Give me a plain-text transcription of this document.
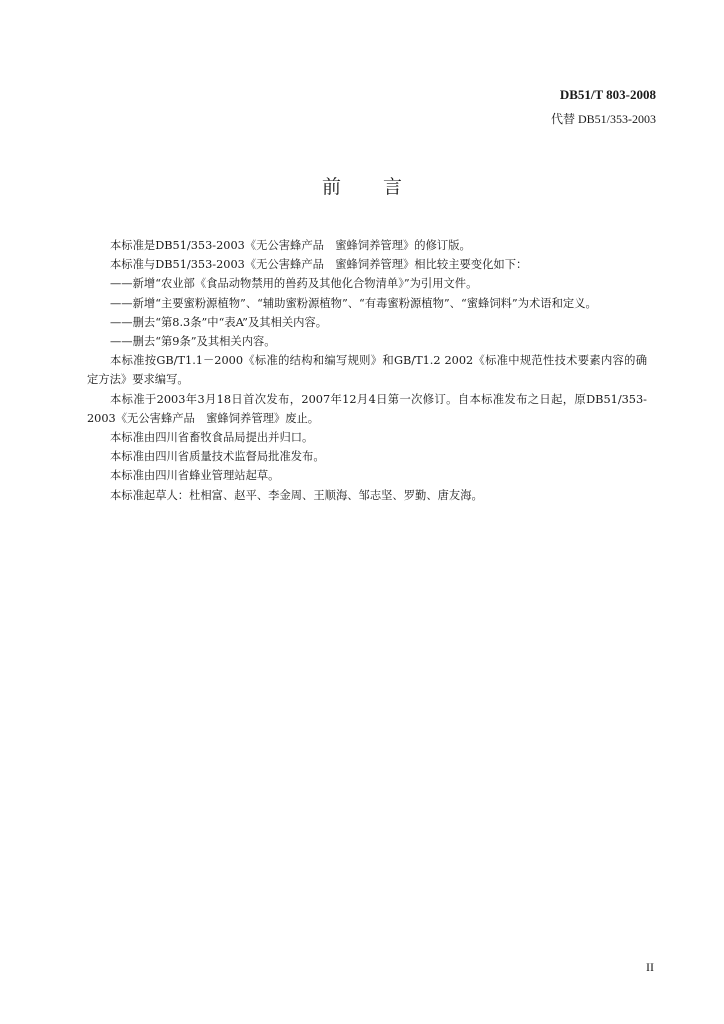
DB51/T 803-2008
代替 DB51/353-2003
前言

本标准是DB51/353-2003《无公害蜂产品　蜜蜂饲养管理》的修订版。

本标准与DB51/353-2003《无公害蜂产品　蜜蜂饲养管理》相比较主要变化如下：

——新增“农业部《食品动物禁用的兽药及其他化合物清单》”为引用文件。

——新增“主要蜜粉源植物”、“辅助蜜粉源植物”、“有毒蜜粉源植物”、“蜜蜂饲料”为术语和定义。

——删去“第8.3条”中“表A”及其相关内容。

——删去“第9条”及其相关内容。

本标准按GB/T1.1－2000《标准的结构和编写规则》和GB/T1.2 2002《标准中规范性技术要素内容的确定方法》要求编写。

本标准于2003年3月18日首次发布，2007年12月4日第一次修订。自本标准发布之日起，原DB51/353-2003《无公害蜂产品　蜜蜂饲养管理》废止。

本标准由四川省畜牧食品局提出并归口。

本标准由四川省质量技术监督局批准发布。

本标准由四川省蜂业管理站起草。

本标准起草人：杜相富、赵平、李金周、王顺海、邹志坚、罗勤、唐友海。

II
